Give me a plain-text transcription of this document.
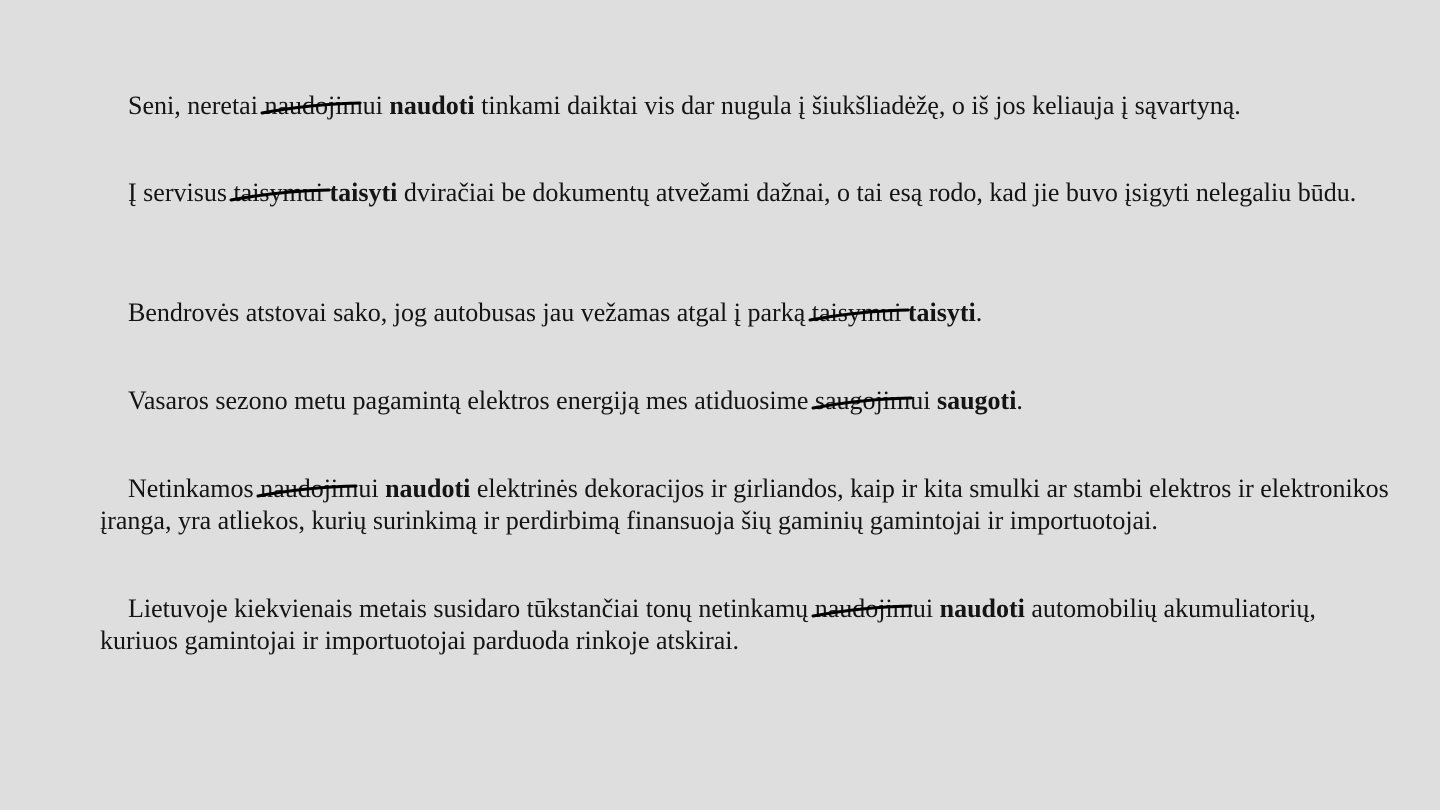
Seni, neretai naudojimui naudoti tinkami daiktai vis dar nugula į šiukšliadėžę, o iš jos keliauja į sąvartyną.

Į servisus taisymui taisyti dviračiai be dokumentų atvežami dažnai, o tai esą rodo, kad jie buvo įsigyti nelegaliu būdu.

Bendrovės atstovai sako, jog autobusas jau vežamas atgal į parką taisymui taisyti.

Vasaros sezono metu pagamintą elektros energiją mes atiduosime saugojimui saugoti.

Netinkamos naudojimui naudoti elektrinės dekoracijos ir girliandos, kaip ir kita smulki ar stambi elektros ir elektronikos įranga, yra atliekos, kurių surinkimą ir perdirbimą finansuoja šių gaminių gamintojai ir importuotojai.

Lietuvoje kiekvienais metais susidaro tūkstančiai tonų netinkamų naudojimui naudoti automobilių akumuliatorių, kuriuos gamintojai ir importuotojai parduoda rinkoje atskirai.
